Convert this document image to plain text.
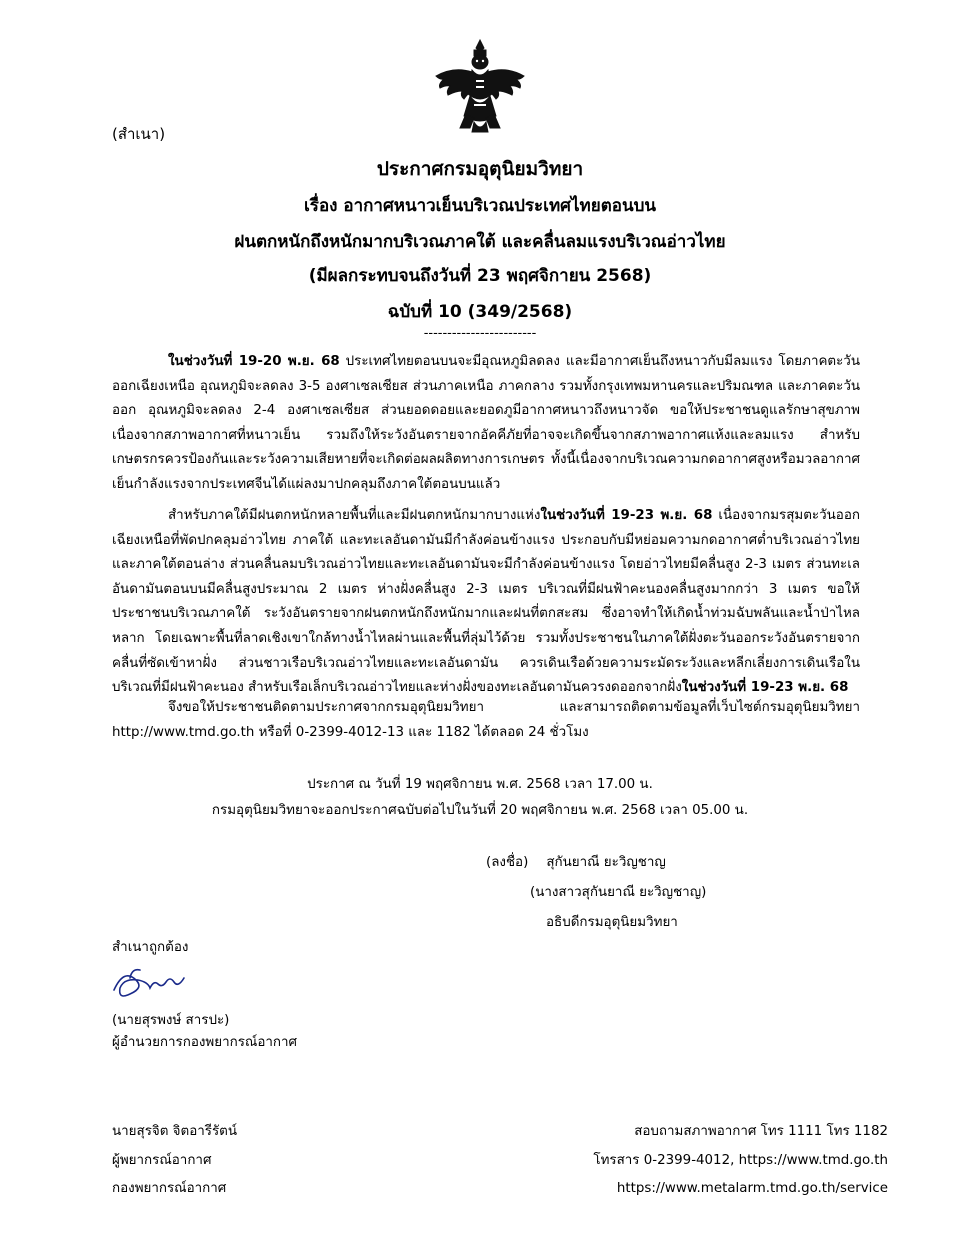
(สำเนา)
ประกาศกรมอุตุนิยมวิทยา
เรื่อง อากาศหนาวเย็นบริเวณประเทศไทยตอนบน
ฝนตกหนักถึงหนักมากบริเวณภาคใต้ และคลื่นลมแรงบริเวณอ่าวไทย
(มีผลกระทบจนถึงวันที่ 23 พฤศจิกายน 2568)
ฉบับที่ 10 (349/2568)
------------------------
ในช่วงวันที่ 19-20 พ.ย. 68 ประเทศไทยตอนบนจะมีอุณหภูมิลดลง และมีอากาศเย็นถึงหนาวกับมีลมแรง โดยภาคตะวันออกเฉียงเหนือ อุณหภูมิจะลดลง 3-5 องศาเซลเซียส ส่วนภาคเหนือ ภาคกลาง รวมทั้งกรุงเทพมหานครและปริมณฑล และภาคตะวันออก อุณหภูมิจะลดลง 2-4 องศาเซลเซียส ส่วนยอดดอยและยอดภูมีอากาศหนาวถึงหนาวจัด ขอให้ประชาชนดูแลรักษาสุขภาพ เนื่องจากสภาพอากาศที่หนาวเย็น รวมถึงให้ระวังอันตรายจากอัคคีภัยที่อาจจะเกิดขึ้นจากสภาพอากาศแห้งและลมแรง สำหรับเกษตรกรควรป้องกันและระวังความเสียหายที่จะเกิดต่อผลผลิตทางการเกษตร ทั้งนี้เนื่องจากบริเวณความกดอากาศสูงหรือมวลอากาศเย็นกำลังแรงจากประเทศจีนได้แผ่ลงมาปกคลุมถึงภาคใต้ตอนบนแล้ว
สำหรับภาคใต้มีฝนตกหนักหลายพื้นที่และมีฝนตกหนักมากบางแห่งในช่วงวันที่ 19-23 พ.ย. 68 เนื่องจากมรสุมตะวันออกเฉียงเหนือที่พัดปกคลุมอ่าวไทย ภาคใต้ และทะเลอันดามันมีกำลังค่อนข้างแรง ประกอบกับมีหย่อมความกดอากาศต่ำบริเวณอ่าวไทยและภาคใต้ตอนล่าง ส่วนคลื่นลมบริเวณอ่าวไทยและทะเลอันดามันจะมีกำลังค่อนข้างแรง โดยอ่าวไทยมีคลื่นสูง 2-3 เมตร ส่วนทะเลอันดามันตอนบนมีคลื่นสูงประมาณ 2 เมตร ห่างฝั่งคลื่นสูง 2-3 เมตร บริเวณที่มีฝนฟ้าคะนองคลื่นสูงมากกว่า 3 เมตร ขอให้ประชาชนบริเวณภาคใต้ ระวังอันตรายจากฝนตกหนักถึงหนักมากและฝนที่ตกสะสม ซึ่งอาจทำให้เกิดน้ำท่วมฉับพลันและน้ำป่าไหลหลาก โดยเฉพาะพื้นที่ลาดเชิงเขาใกล้ทางน้ำไหลผ่านและพื้นที่ลุ่มไว้ด้วย รวมทั้งประชาชนในภาคใต้ฝั่งตะวันออกระวังอันตรายจากคลื่นที่ซัดเข้าหาฝั่ง ส่วนชาวเรือบริเวณอ่าวไทยและทะเลอันดามัน ควรเดินเรือด้วยความระมัดระวังและหลีกเลี่ยงการเดินเรือในบริเวณที่มีฝนฟ้าคะนอง สำหรับเรือเล็กบริเวณอ่าวไทยและห่างฝั่งของทะเลอันดามันควรงดออกจากฝั่งในช่วงวันที่ 19-23 พ.ย. 68
จึงขอให้ประชาชนติดตามประกาศจากกรมอุตุนิยมวิทยา และสามารถติดตามข้อมูลที่เว็บไซต์กรมอุตุนิยมวิทยา http://www.tmd.go.th หรือที่ 0-2399-4012-13 และ 1182 ได้ตลอด 24 ชั่วโมง
ประกาศ ณ วันที่ 19 พฤศจิกายน พ.ศ. 2568 เวลา 17.00 น.
กรมอุตุนิยมวิทยาจะออกประกาศฉบับต่อไปในวันที่ 20 พฤศจิกายน พ.ศ. 2568 เวลา 05.00 น.
(ลงชื่อ) สุกันยาณี ยะวิญชาญ
(นางสาวสุกันยาณี ยะวิญชาญ)
อธิบดีกรมอุตุนิยมวิทยา
สำเนาถูกต้อง
(นายสุรพงษ์ สารปะ)
ผู้อำนวยการกองพยากรณ์อากาศ
นายสุรจิต จิตอารีรัตน์
ผู้พยากรณ์อากาศ
กองพยากรณ์อากาศ
สอบถามสภาพอากาศ โทร 1111 โทร 1182
โทรสาร 0-2399-4012, https://www.tmd.go.th
https://www.metalarm.tmd.go.th/service
